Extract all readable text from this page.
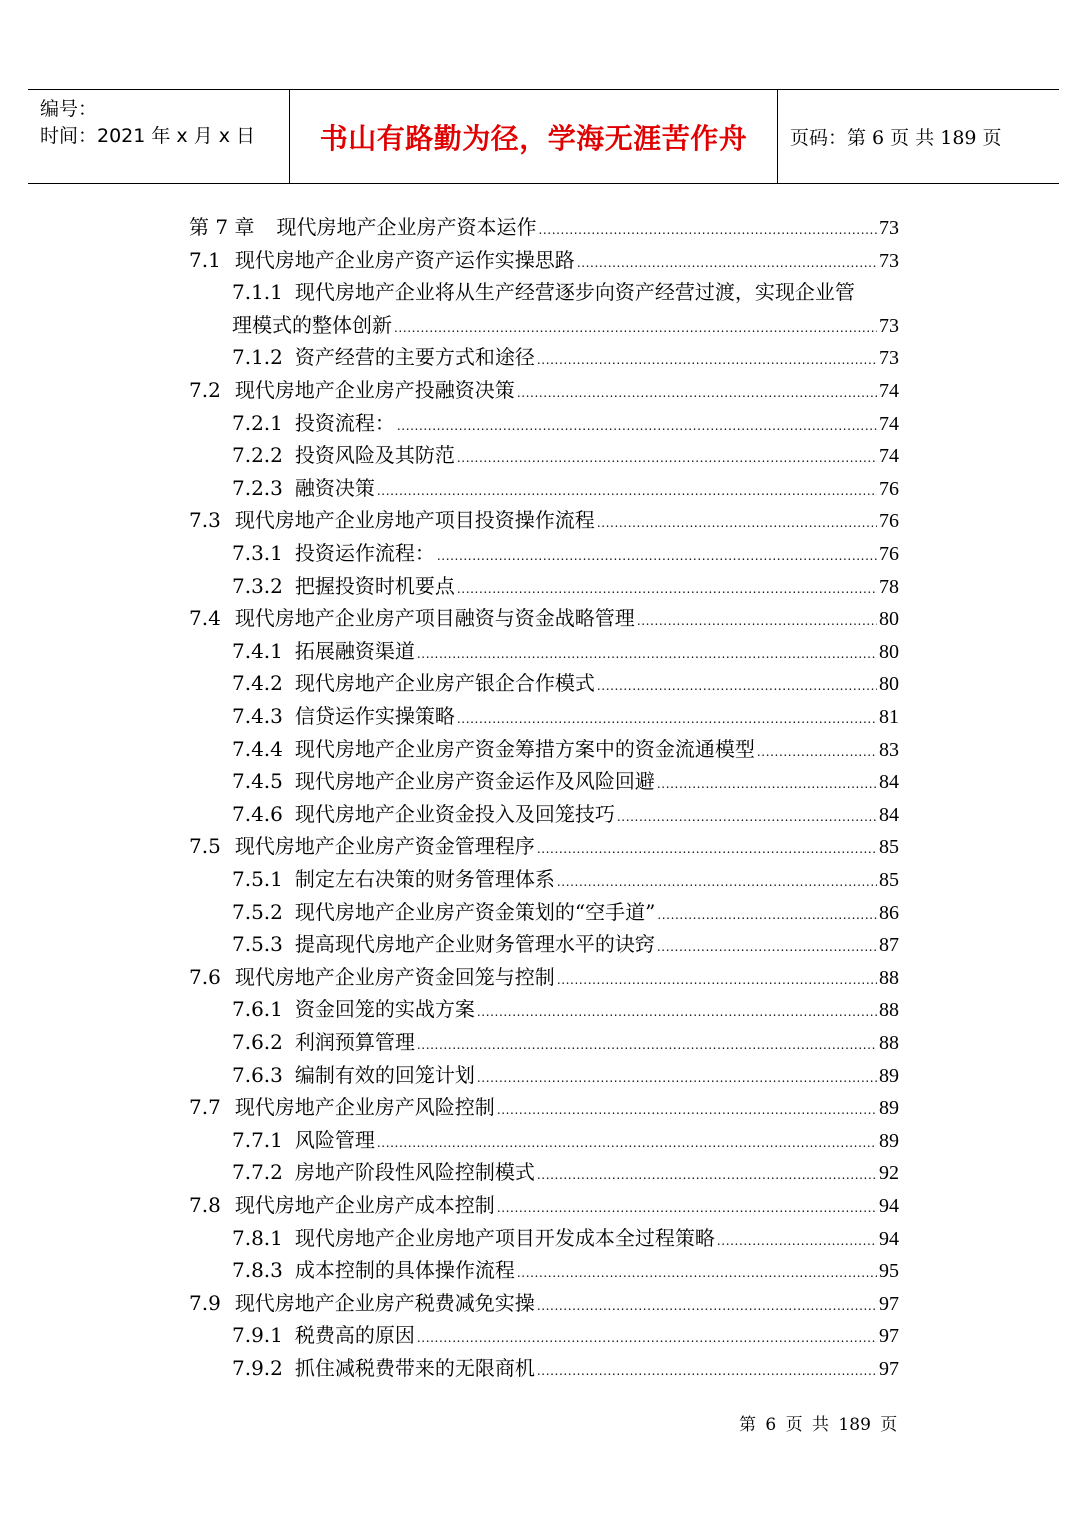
编号：
时间：2021 年 x 月 x 日 书山有路勤为径，学海无涯苦作舟	页码：第 6 页 共 189 页
第 7 章 现代房地产企业房产资本运作 .....	73
7.1 现代房地产企业房产资产运作实操思路 .....	73
7.1.1 现代房地产企业将从生产经营逐步向资产经营过渡，实现企业管
理模式的整体创新 .....	73
7.1.2 资产经营的主要方式和途径 .....	73
7.2 现代房地产企业房产投融资决策 .....	74
7.2.1 投资流程： .....	74
7.2.2 投资风险及其防范 .....	74
7.2.3 融资决策 .....	76
7.3 现代房地产企业房地产项目投资操作流程 .....	76
7.3.1 投资运作流程： .....	76
7.3.2 把握投资时机要点 .....	78
7.4 现代房地产企业房产项目融资与资金战略管理 .....	80
7.4.1 拓展融资渠道 .....	80
7.4.2 现代房地产企业房产银企合作模式 .....	80
7.4.3 信贷运作实操策略 .....	81
7.4.4 现代房地产企业房产资金筹措方案中的资金流通模型 .....	83
7.4.5 现代房地产企业房产资金运作及风险回避 .....	84
7.4.6 现代房地产企业资金投入及回笼技巧 .....	84
7.5 现代房地产企业房产资金管理程序 .....	85
7.5.1 制定左右决策的财务管理体系 .....	85
7.5.2 现代房地产企业房产资金策划的“空手道” .....	86
7.5.3 提高现代房地产企业财务管理水平的诀窍 .....	87
7.6 现代房地产企业房产资金回笼与控制 .....	88
7.6.1 资金回笼的实战方案 .....	88
7.6.2 利润预算管理 .....	88
7.6.3 编制有效的回笼计划 .....	89
7.7 现代房地产企业房产风险控制 .....	89
7.7.1 风险管理 .....	89
7.7.2 房地产阶段性风险控制模式 .....	92
7.8 现代房地产企业房产成本控制 .....	94
7.8.1 现代房地产企业房地产项目开发成本全过程策略 .....	94
7.8.3 成本控制的具体操作流程 .....	95
7.9 现代房地产企业房产税费减免实操 .....	97
7.9.1 税费高的原因 .....	97
7.9.2 抓住减税费带来的无限商机 .....	97
第 6 页 共 189 页
